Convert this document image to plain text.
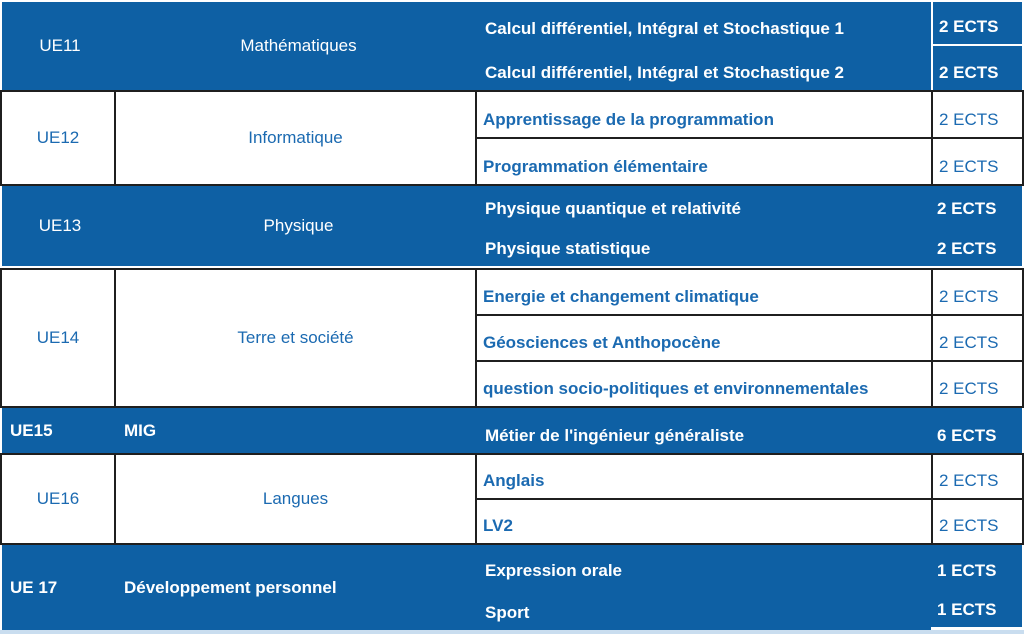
UE11	Mathématiques
Calcul différentiel, Intégral et Stochastique 1	2 ECTS
Calcul différentiel, Intégral et Stochastique 2	2 ECTS
UE12	Informatique
Apprentissage de la programmation	2 ECTS
Programmation élémentaire	2 ECTS
UE13	Physique
Physique quantique et relativité	2 ECTS
Physique statistique	2 ECTS
UE14	Terre et société
Energie et changement climatique	2 ECTS
Géosciences et Anthopocène	2 ECTS
question socio-politiques et environnementales	2 ECTS
UE15	MIG	Métier de l'ingénieur généraliste	6 ECTS
UE16	Langues
Anglais	2 ECTS
LV2	2 ECTS
UE 17	Développement personnel
Expression orale	1 ECTS
Sport	1 ECTS
